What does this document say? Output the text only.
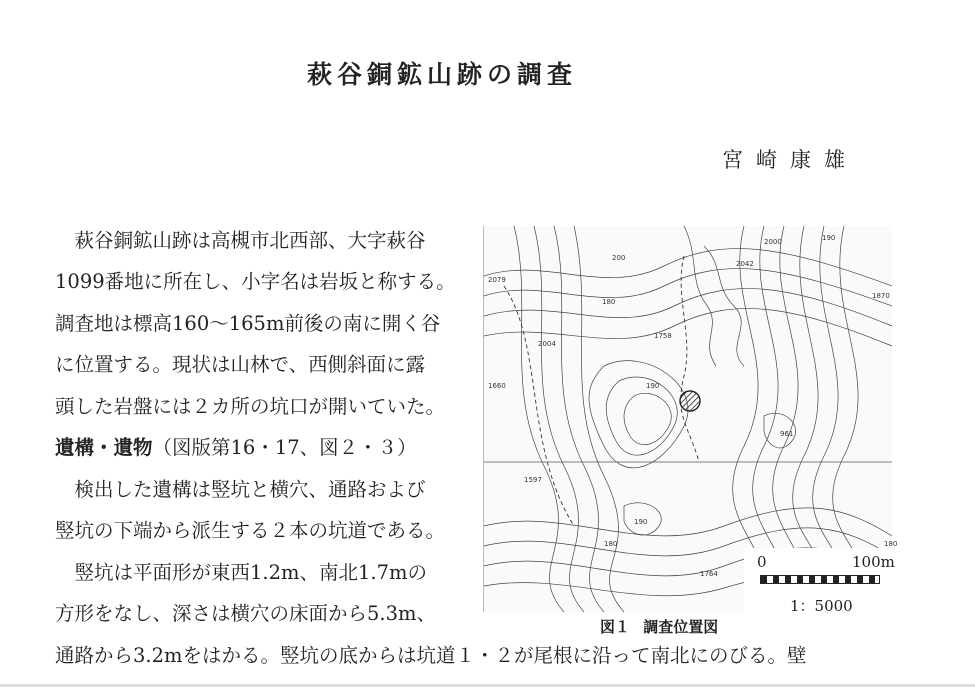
萩谷銅鉱山跡の調査
宮崎康雄
　萩谷銅鉱山跡は高槻市北西部、大字萩谷
1099番地に所在し、小字名は岩坂と称する。
調査地は標高160〜165m前後の南に開く谷
に位置する。現状は山林で、西側斜面に露
頭した岩盤には２カ所の坑口が開いていた。
遺構・遺物（図版第16・17、図２・３）
　検出した遺構は竪坑と横穴、通路および
竪坑の下端から派生する２本の坑道である。
　竪坑は平面形が東西1.2m、南北1.7mの
方形をなし、深さは横穴の床面から5.3m、
通路から3.2mをはかる。竪坑の底からは坑道１・２が尾根に沿って南北にのびる。壁
2000	190
2042
1870
2079
200
180
2004
1758
1660	190
961
1597
190
180
1764
180
0	100m
1：5000
図１ 調査位置図
